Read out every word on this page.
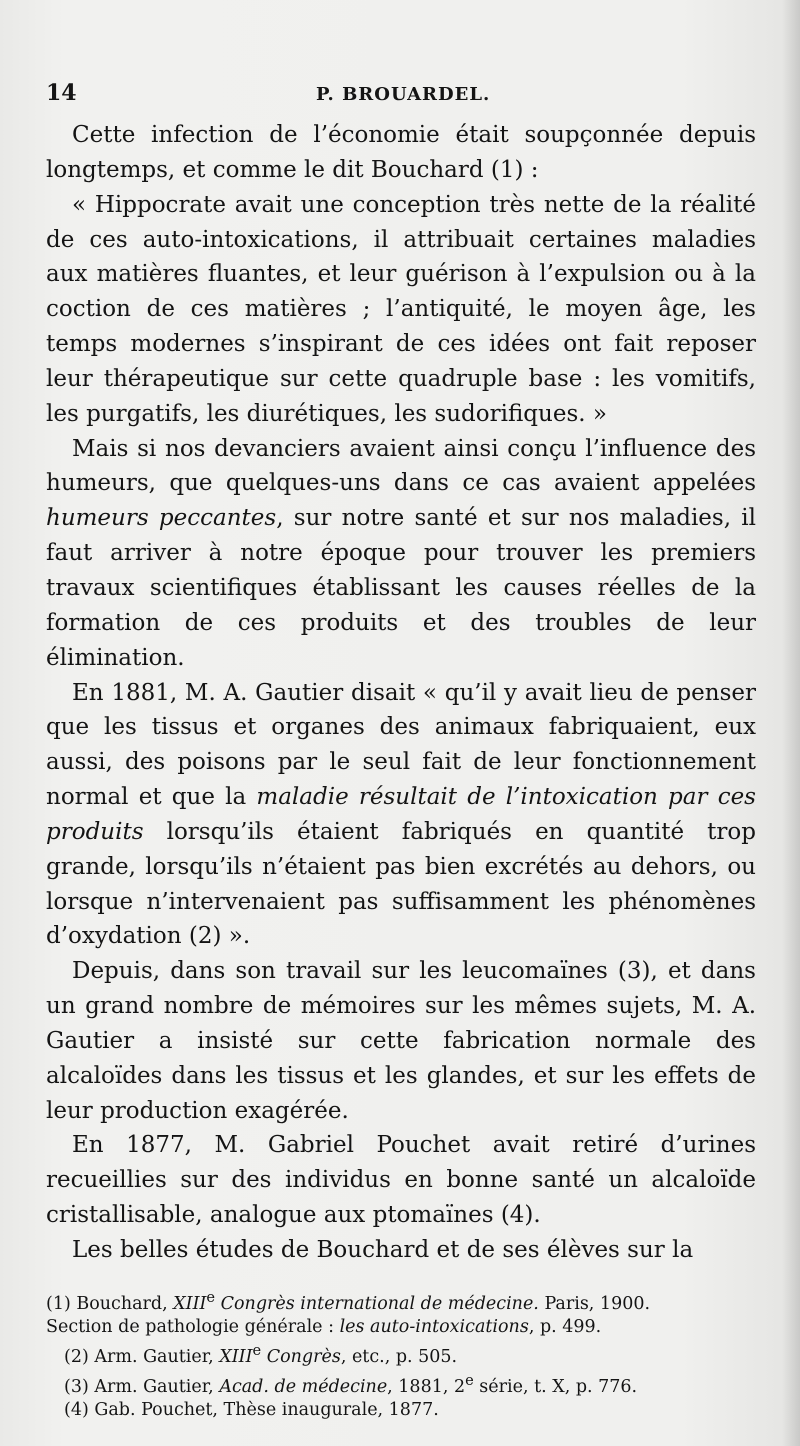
14	P. BROUARDEL.

Cette infection de l’économie était soupçonnée depuis longtemps, et comme le dit Bouchard (1) :

« Hippocrate avait une conception très nette de la réalité de ces auto-intoxications, il attribuait certaines maladies aux matières fluantes, et leur guérison à l’expulsion ou à la coction de ces matières ; l’antiquité, le moyen âge, les temps modernes s’inspirant de ces idées ont fait reposer leur thérapeutique sur cette quadruple base : les vomitifs, les purgatifs, les diurétiques, les sudorifiques. »

Mais si nos devanciers avaient ainsi conçu l’influence des humeurs, que quelques-uns dans ce cas avaient appelées humeurs peccantes, sur notre santé et sur nos maladies, il faut arriver à notre époque pour trouver les premiers travaux scientifiques établissant les causes réelles de la formation de ces produits et des troubles de leur élimination.

En 1881, M. A. Gautier disait « qu’il y avait lieu de penser que les tissus et organes des animaux fabriquaient, eux aussi, des poisons par le seul fait de leur fonctionnement normal et que la maladie résultait de l’intoxication par ces produits lorsqu’ils étaient fabriqués en quantité trop grande, lorsqu’ils n’étaient pas bien excrétés au dehors, ou lorsque n’intervenaient pas suffisamment les phénomènes d’oxydation (2) ».

Depuis, dans son travail sur les leucomaïnes (3), et dans un grand nombre de mémoires sur les mêmes sujets, M. A. Gautier a insisté sur cette fabrication normale des alcaloïdes dans les tissus et les glandes, et sur les effets de leur production exagérée.

En 1877, M. Gabriel Pouchet avait retiré d’urines recueillies sur des individus en bonne santé un alcaloïde cristallisable, analogue aux ptomaïnes (4).

Les belles études de Bouchard et de ses élèves sur la

(1) Bouchard, XIIIe Congrès international de médecine. Paris, 1900.
Section de pathologie générale : les auto-intoxications, p. 499.
(2) Arm. Gautier, XIIIe Congrès, etc., p. 505.
(3) Arm. Gautier, Acad. de médecine, 1881, 2e série, t. X, p. 776.
(4) Gab. Pouchet, Thèse inaugurale, 1877.
